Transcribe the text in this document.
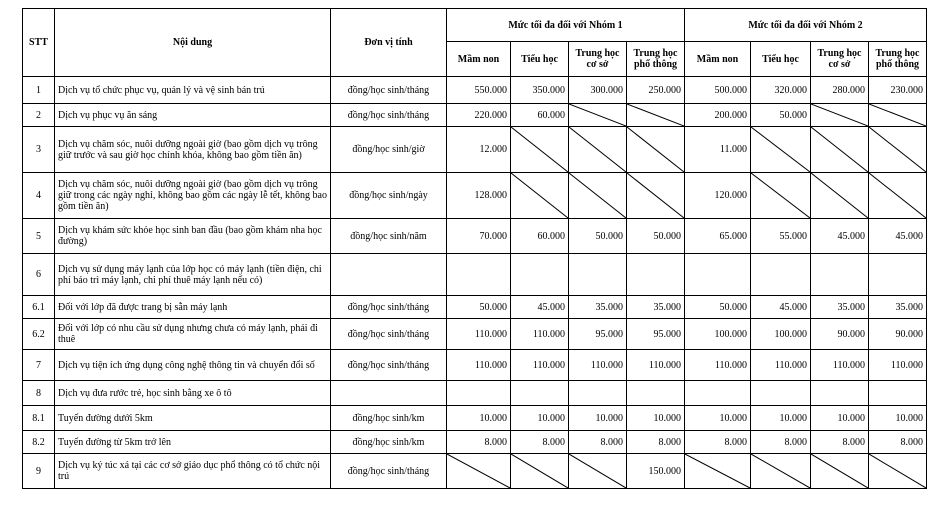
STT	Nội dung	Đơn vị tính	Mức tối đa đối với Nhóm 1				Mức tối đa đối với Nhóm 2			
			Mầm non	Tiểu học	Trung học cơ sở	Trung học phổ thông	Mầm non	Tiểu học	Trung học cơ sở	Trung học phổ thông
1	Dịch vụ tổ chức phục vụ, quản lý và vệ sinh bán trú	đồng/học sinh/tháng	550.000	350.000	300.000	250.000	500.000	320.000	280.000	230.000
2	Dịch vụ phục vụ ăn sáng	đồng/học sinh/tháng	220.000	60.000			200.000	50.000	

3	Dịch vụ chăm sóc, nuôi dưỡng ngoài giờ (bao gồm dịch vụ trông giữ trước và sau giờ học chính khóa, không bao gồm tiền ăn)	đồng/học sinh/giờ	12.000				11.000	

4	Dịch vụ chăm sóc, nuôi dưỡng ngoài giờ (bao gồm dịch vụ trông giữ trong các ngày nghỉ, không bao gồm các ngày lễ tết, không bao gồm tiền ăn)	đồng/học sinh/ngày	128.000				120.000	

5	Dịch vụ khám sức khỏe học sinh ban đầu (bao gồm khám nha học đường)	đồng/học sinh/năm	70.000	60.000	50.000	50.000	65.000	55.000	45.000	45.000
6	Dịch vụ sử dụng máy lạnh của lớp học có máy lạnh (tiền điện, chi phí bảo trì máy lạnh, chi phí thuê máy lạnh nếu có)									
6.1	Đối với lớp đã được trang bị sẵn máy lạnh	đồng/học sinh/tháng	50.000	45.000	35.000	35.000	50.000	45.000	35.000	35.000
6.2	Đối với lớp có nhu cầu sử dụng nhưng chưa có máy lạnh, phải đi thuê	đồng/học sinh/tháng	110.000	110.000	95.000	95.000	100.000	100.000	90.000	90.000
7	Dịch vụ tiện ích ứng dụng công nghệ thông tin và chuyển đổi số	đồng/học sinh/tháng	110.000	110.000	110.000	110.000	110.000	110.000	110.000	110.000
8	Dịch vụ đưa rước trẻ, học sinh bằng xe ô tô									
8.1	Tuyến đường dưới 5km	đồng/học sinh/km	10.000	10.000	10.000	10.000	10.000	10.000	10.000	10.000
8.2	Tuyến đường từ 5km trở lên	đồng/học sinh/km	8.000	8.000	8.000	8.000	8.000	8.000	8.000	8.000
9	Dịch vụ ký túc xá tại các cơ sở giáo dục phổ thông có tổ chức nội trú	đồng/học sinh/tháng				150.000	
